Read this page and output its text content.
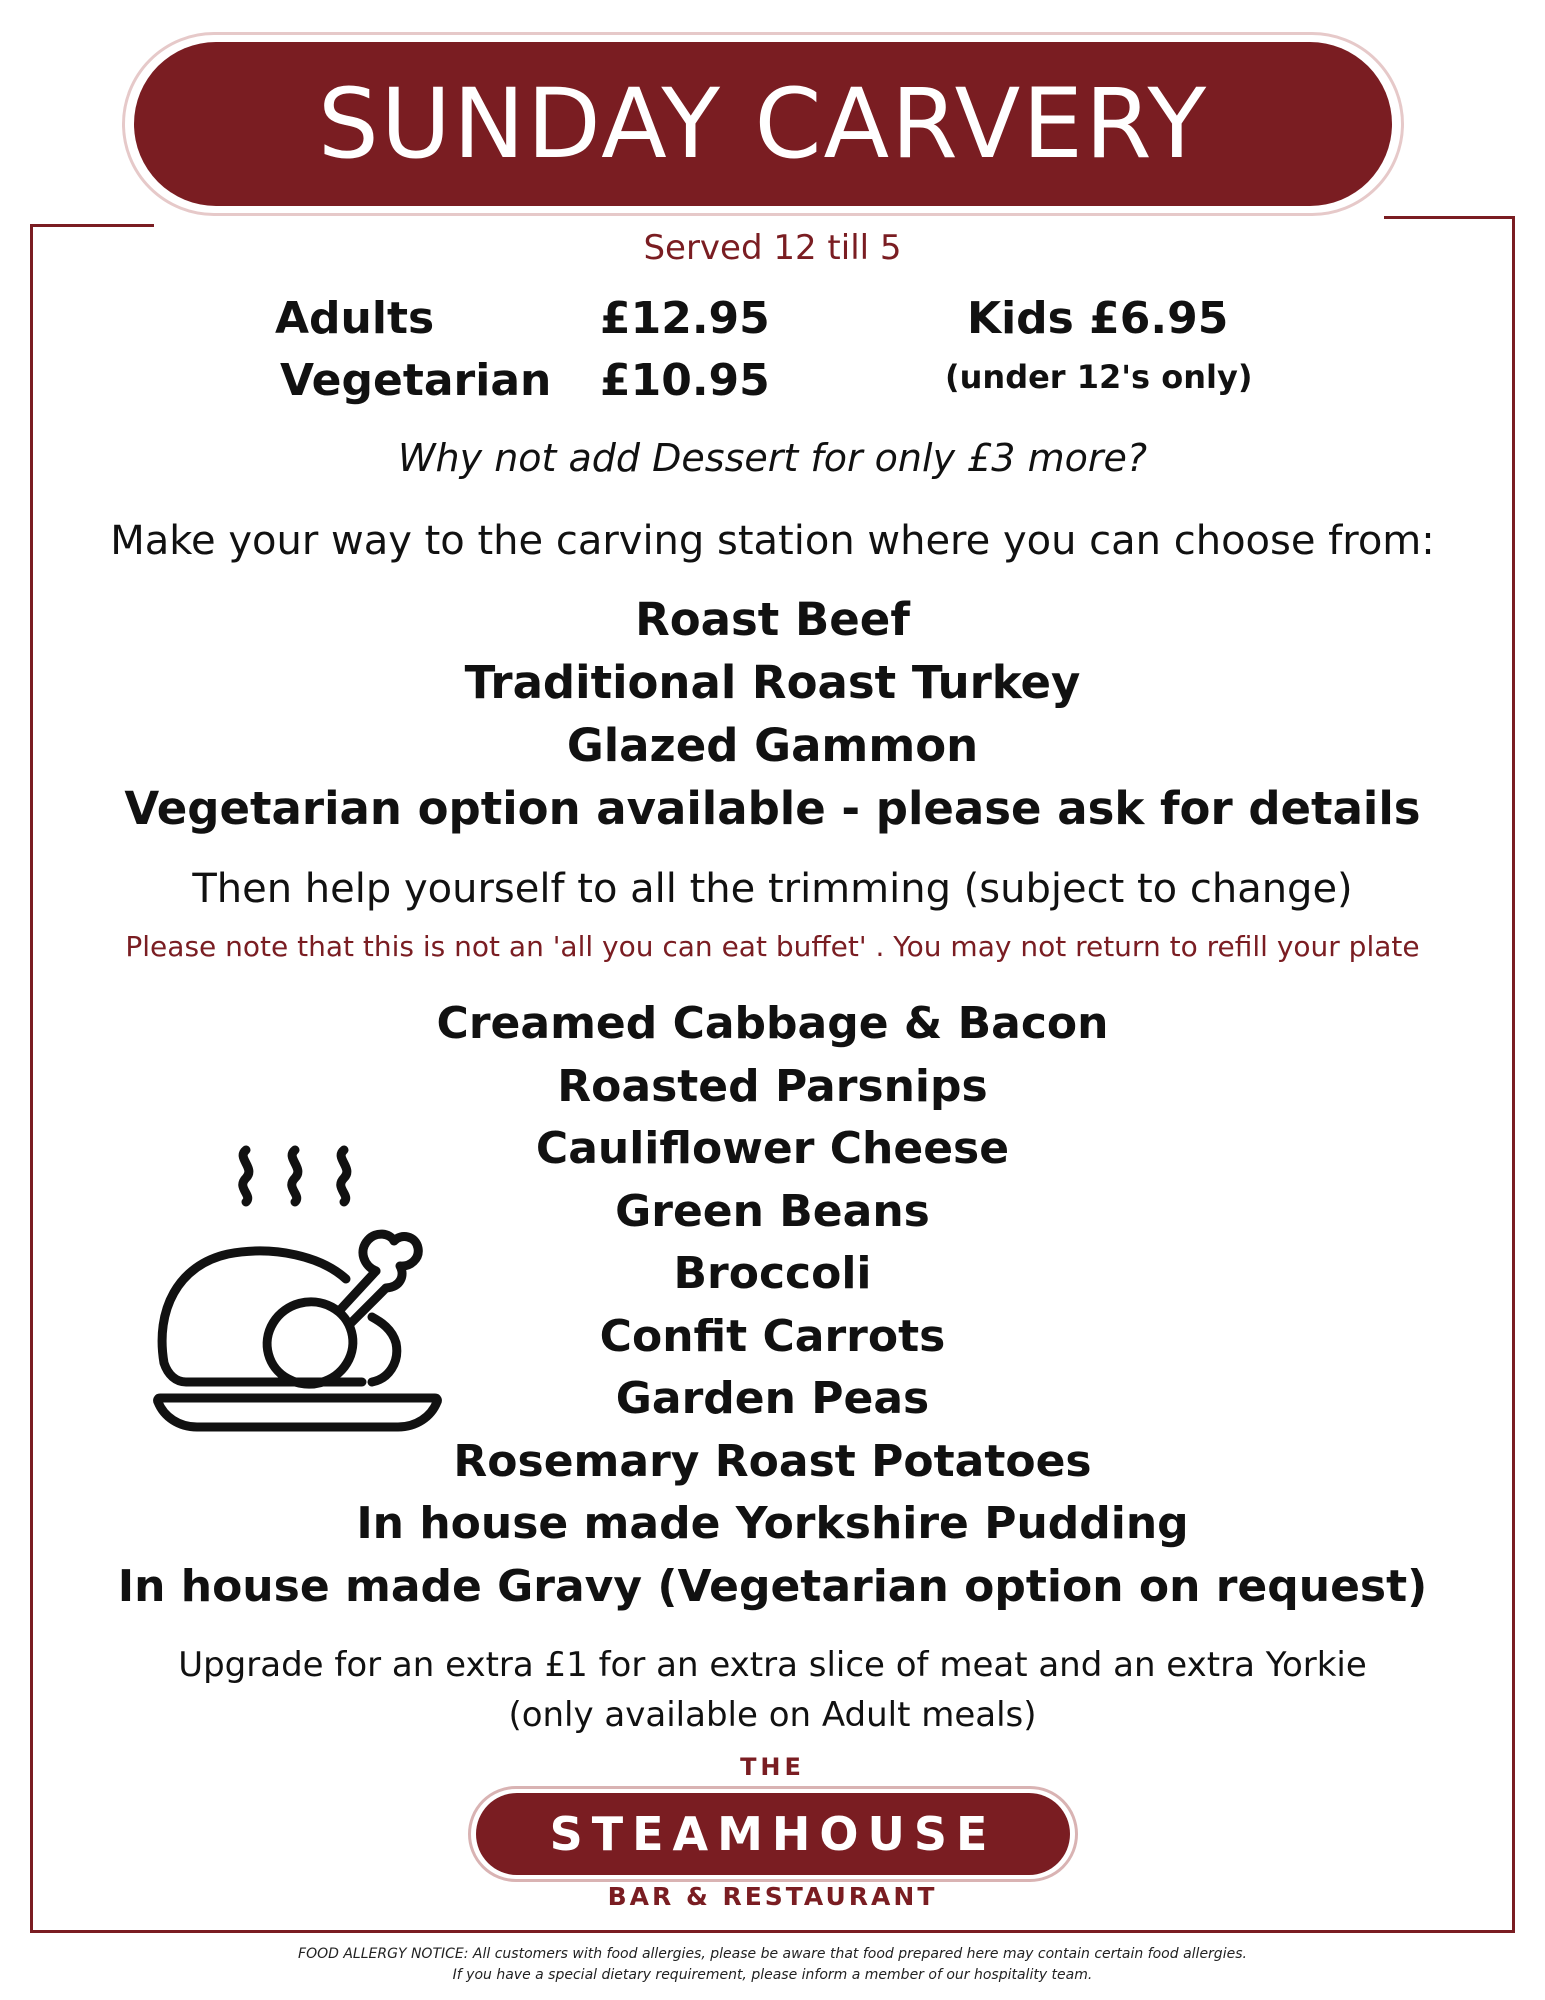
SUNDAY CARVERY
Served 12 till 5
Adults	£12.95	Kids £6.95
Vegetarian £10.95	(under 12's only)
Why not add Dessert for only £3 more?
Make your way to the carving station where you can choose from:
Roast Beef
Traditional Roast Turkey
Glazed Gammon
Vegetarian option available - please ask for details
Then help yourself to all the trimming (subject to change)
Please note that this is not an 'all you can eat buffet' . You may not return to refill your plate
Creamed Cabbage & Bacon
Roasted Parsnips
Cauliflower Cheese
Green Beans
Broccoli
Confit Carrots
Garden Peas
Rosemary Roast Potatoes
In house made Yorkshire Pudding
In house made Gravy (Vegetarian option on request)
Upgrade for an extra £1 for an extra slice of meat and an extra Yorkie
(only available on Adult meals)
THE
STEAMHOUSE
BAR & RESTAURANT
FOOD ALLERGY NOTICE: All customers with food allergies, please be aware that food prepared here may contain certain food allergies.
If you have a special dietary requirement, please inform a member of our hospitality team.
